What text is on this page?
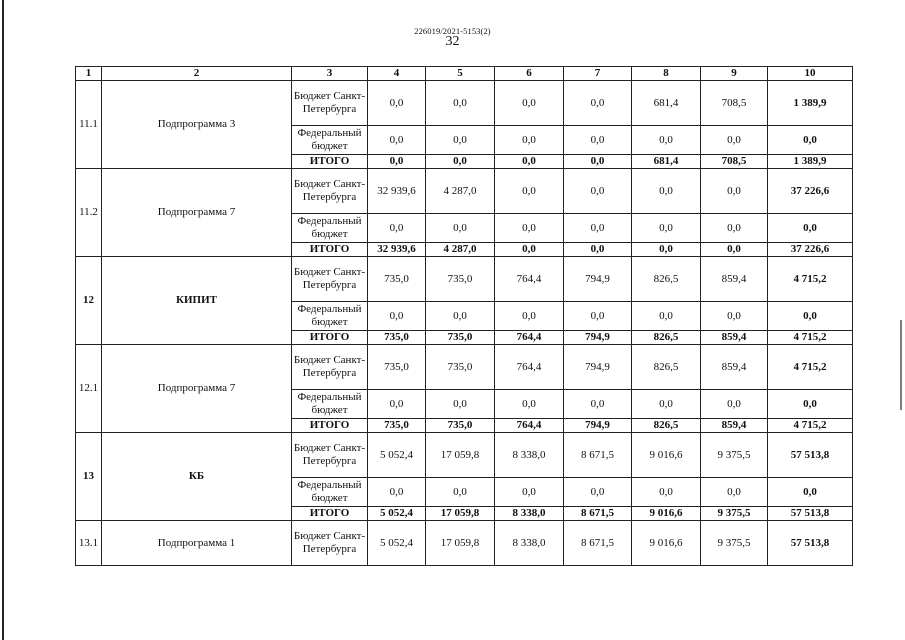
226019/2021-5153(2)
32
1	2	3	4	5	6	7	8	9	10
11.1	Подпрограмма 3	Бюджет Санкт-Петербурга	0,0	0,0	0,0	0,0	681,4	708,5	1 389,9
		Федеральный бюджет	0,0	0,0	0,0	0,0	0,0	0,0	0,0
		ИТОГО	0,0	0,0	0,0	0,0	681,4	708,5	1 389,9
11.2	Подпрограмма 7	Бюджет Санкт-Петербурга	32 939,6	4 287,0	0,0	0,0	0,0	0,0	37 226,6
		Федеральный бюджет	0,0	0,0	0,0	0,0	0,0	0,0	0,0
		ИТОГО	32 939,6	4 287,0	0,0	0,0	0,0	0,0	37 226,6
12	КИПИТ	Бюджет Санкт-Петербурга	735,0	735,0	764,4	794,9	826,5	859,4	4 715,2
		Федеральный бюджет	0,0	0,0	0,0	0,0	0,0	0,0	0,0
		ИТОГО	735,0	735,0	764,4	794,9	826,5	859,4	4 715,2
12.1	Подпрограмма 7	Бюджет Санкт-Петербурга	735,0	735,0	764,4	794,9	826,5	859,4	4 715,2
		Федеральный бюджет	0,0	0,0	0,0	0,0	0,0	0,0	0,0
		ИТОГО	735,0	735,0	764,4	794,9	826,5	859,4	4 715,2
13	КБ	Бюджет Санкт-Петербурга	5 052,4	17 059,8	8 338,0	8 671,5	9 016,6	9 375,5	57 513,8
		Федеральный бюджет	0,0	0,0	0,0	0,0	0,0	0,0	0,0
		ИТОГО	5 052,4	17 059,8	8 338,0	8 671,5	9 016,6	9 375,5	57 513,8
13.1	Подпрограмма 1	Бюджет Санкт-Петербурга	5 052,4	17 059,8	8 338,0	8 671,5	9 016,6	9 375,5	57 513,8
